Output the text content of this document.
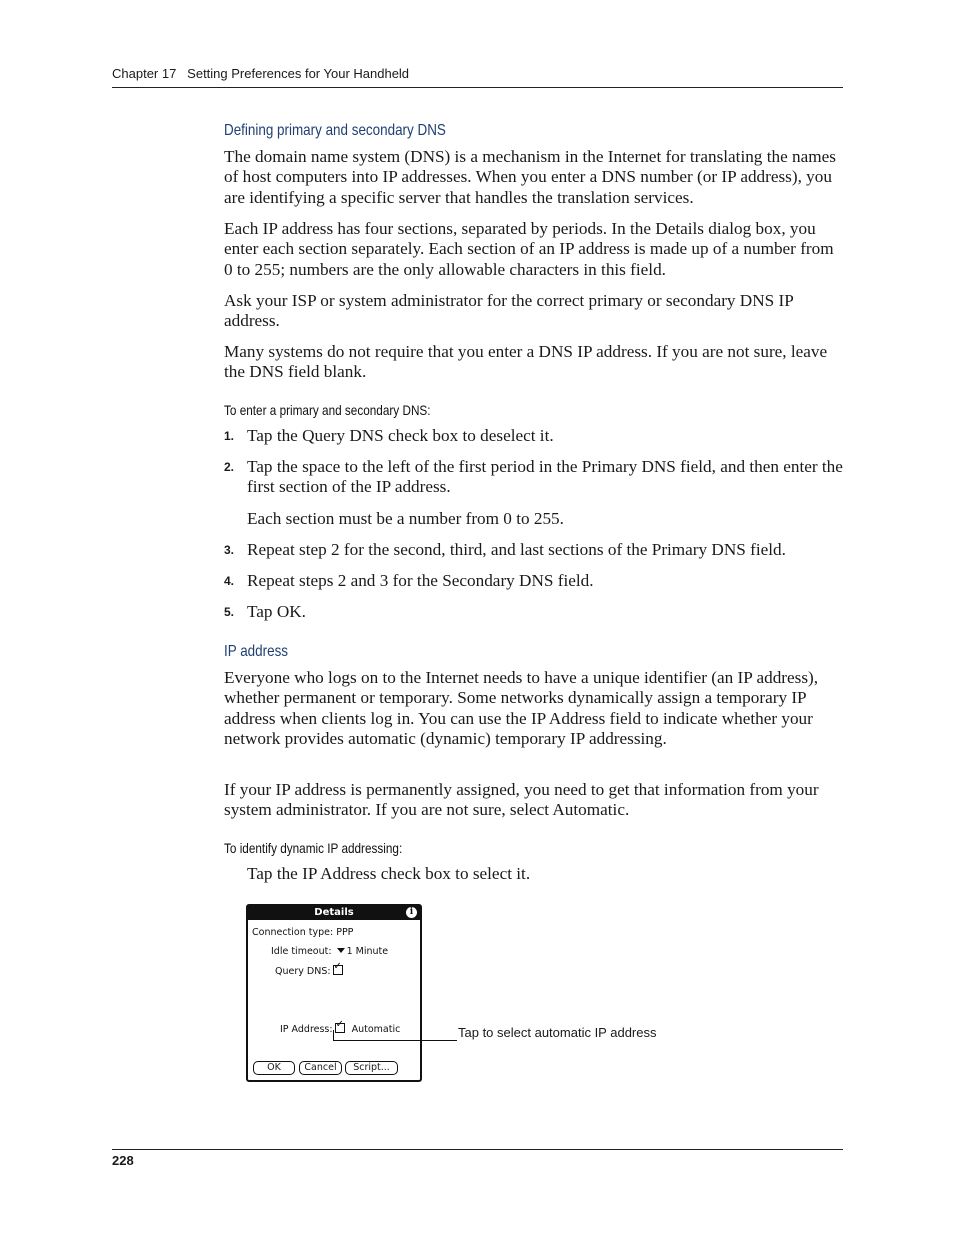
Chapter 17 Setting Preferences for Your Handheld
Defining primary and secondary DNS

The domain name system (DNS) is a mechanism in the Internet for translating the names of host computers into IP addresses. When you enter a DNS number (or IP address), you are identifying a specific server that handles the translation services.

Each IP address has four sections, separated by periods. In the Details dialog box, you enter each section separately. Each section of an IP address is made up of a number from 0 to 255; numbers are the only allowable characters in this field.

Ask your ISP or system administrator for the correct primary or secondary DNS IP address.

Many systems do not require that you enter a DNS IP address. If you are not sure, leave the DNS field blank.

To enter a primary and secondary DNS:
1. Tap the Query DNS check box to deselect it.

2. Tap the space to the left of the first period in the Primary DNS field, and then enter the first section of the IP address.

Each section must be a number from 0 to 255.

3. Repeat step 2 for the second, third, and last sections of the Primary DNS field.

4. Repeat steps 2 and 3 for the Secondary DNS field.

5. Tap OK.

IP address

Everyone who logs on to the Internet needs to have a unique identifier (an IP address), whether permanent or temporary. Some networks dynamically assign a temporary IP address when clients log in. You can use the IP Address field to indicate whether your network provides automatic (dynamic) temporary IP addressing.

If your IP address is permanently assigned, you need to get that information from your system administrator. If you are not sure, select Automatic.

To identify dynamic IP addressing:

Tap the IP Address check box to select it.

Details	i
Connection type: PPP
Idle timeout: 1 Minute
Query DNS:✓
IP Address:✓ Automatic
OK	Cancel	Script...
Tap to select automatic IP address
228
